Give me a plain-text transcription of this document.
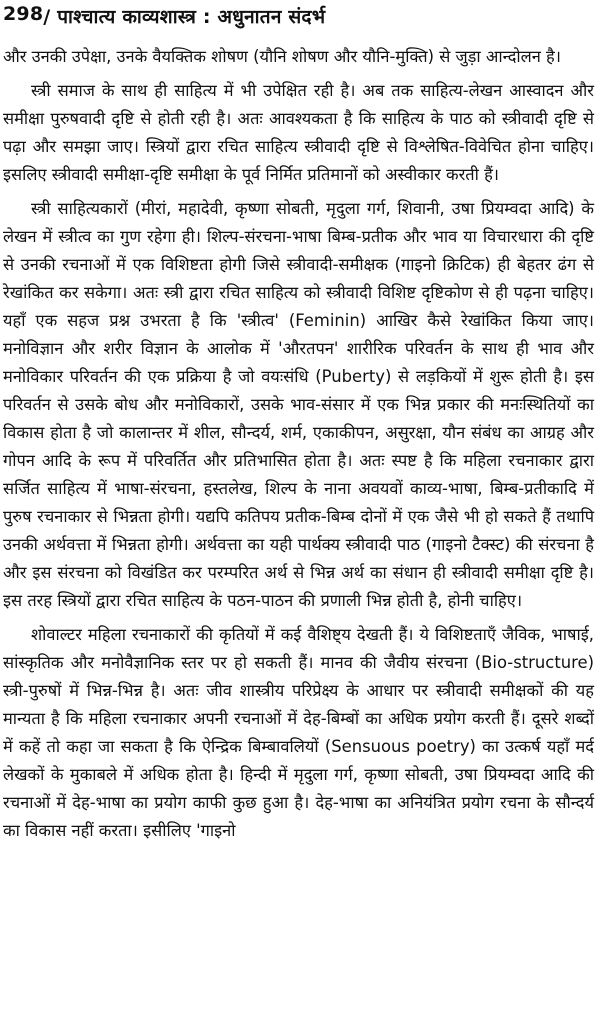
298 / पाश्चात्य काव्यशास्त्र : अधुनातन संदर्भ

और उनकी उपेक्षा, उनके वैयक्तिक शोषण (यौनि शोषण और यौनि-मुक्ति) से जुड़ा आन्दोलन है।

स्त्री समाज के साथ ही साहित्य में भी उपेक्षित रही है। अब तक साहित्य-लेखन आस्वादन और समीक्षा पुरुषवादी दृष्टि से होती रही है। अतः आवश्यकता है कि साहित्य के पाठ को स्त्रीवादी दृष्टि से पढ़ा और समझा जाए। स्त्रियों द्वारा रचित साहित्य स्त्रीवादी दृष्टि से विश्लेषित-विवेचित होना चाहिए। इसलिए स्त्रीवादी समीक्षा-दृष्टि समीक्षा के पूर्व निर्मित प्रतिमानों को अस्वीकार करती हैं।

स्त्री साहित्यकारों (मीरां, महादेवी, कृष्णा सोबती, मृदुला गर्ग, शिवानी, उषा प्रियम्वदा आदि) के लेखन में स्त्रीत्व का गुण रहेगा ही। शिल्प-संरचना-भाषा बिम्ब-प्रतीक और भाव या विचारधारा की दृष्टि से उनकी रचनाओं में एक विशिष्टता होगी जिसे स्त्रीवादी-समीक्षक (गाइनो क्रिटिक) ही बेहतर ढंग से रेखांकित कर सकेगा। अतः स्त्री द्वारा रचित साहित्य को स्त्रीवादी विशिष्ट दृष्टिकोण से ही पढ़ना चाहिए। यहाँ एक सहज प्रश्न उभरता है कि 'स्त्रीत्व' (Feminin) आखिर कैसे रेखांकित किया जाए। मनोविज्ञान और शरीर विज्ञान के आलोक में 'औरतपन' शारीरिक परिवर्तन के साथ ही भाव और मनोविकार परिवर्तन की एक प्रक्रिया है जो वयःसंधि (Puberty) से लड़कियों में शुरू होती है। इस परिवर्तन से उसके बोध और मनोविकारों, उसके भाव-संसार में एक भिन्न प्रकार की मनःस्थितियों का विकास होता है जो कालान्तर में शील, सौन्दर्य, शर्म, एकाकीपन, असुरक्षा, यौन संबंध का आग्रह और गोपन आदि के रूप में परिवर्तित और प्रतिभासित होता है। अतः स्पष्ट है कि महिला रचनाकार द्वारा सर्जित साहित्य में भाषा-संरचना, हस्तलेख, शिल्प के नाना अवयवों काव्य-भाषा, बिम्ब-प्रतीकादि में पुरुष रचनाकार से भिन्नता होगी। यद्यपि कतिपय प्रतीक-बिम्ब दोनों में एक जैसे भी हो सकते हैं तथापि उनकी अर्थवत्ता में भिन्नता होगी। अर्थवत्ता का यही पार्थक्य स्त्रीवादी पाठ (गाइनो टैक्स्ट) की संरचना है और इस संरचना को विखंडित कर परम्परित अर्थ से भिन्न अर्थ का संधान ही स्त्रीवादी समीक्षा दृष्टि है। इस तरह स्त्रियों द्वारा रचित साहित्य के पठन-पाठन की प्रणाली भिन्न होती है, होनी चाहिए।

शोवाल्टर महिला रचनाकारों की कृतियों में कई वैशिष्ट्य देखती हैं। ये विशिष्टताएँ जैविक, भाषाई, सांस्कृतिक और मनोवैज्ञानिक स्तर पर हो सकती हैं। मानव की जैवीय संरचना (Bio-structure) स्त्री-पुरुषों में भिन्न-भिन्न है। अतः जीव शास्त्रीय परिप्रेक्ष्य के आधार पर स्त्रीवादी समीक्षकों की यह मान्यता है कि महिला रचनाकार अपनी रचनाओं में देह-बिम्बों का अधिक प्रयोग करती हैं। दूसरे शब्दों में कहें तो कहा जा सकता है कि ऐन्द्रिक बिम्बावलियों (Sensuous poetry) का उत्कर्ष यहाँ मर्द लेखकों के मुकाबले में अधिक होता है। हिन्दी में मृदुला गर्ग, कृष्णा सोबती, उषा प्रियम्वदा आदि की रचनाओं में देह-भाषा का प्रयोग काफी कुछ हुआ है। देह-भाषा का अनियंत्रित प्रयोग रचना के सौन्दर्य का विकास नहीं करता। इसीलिए 'गाइनो
